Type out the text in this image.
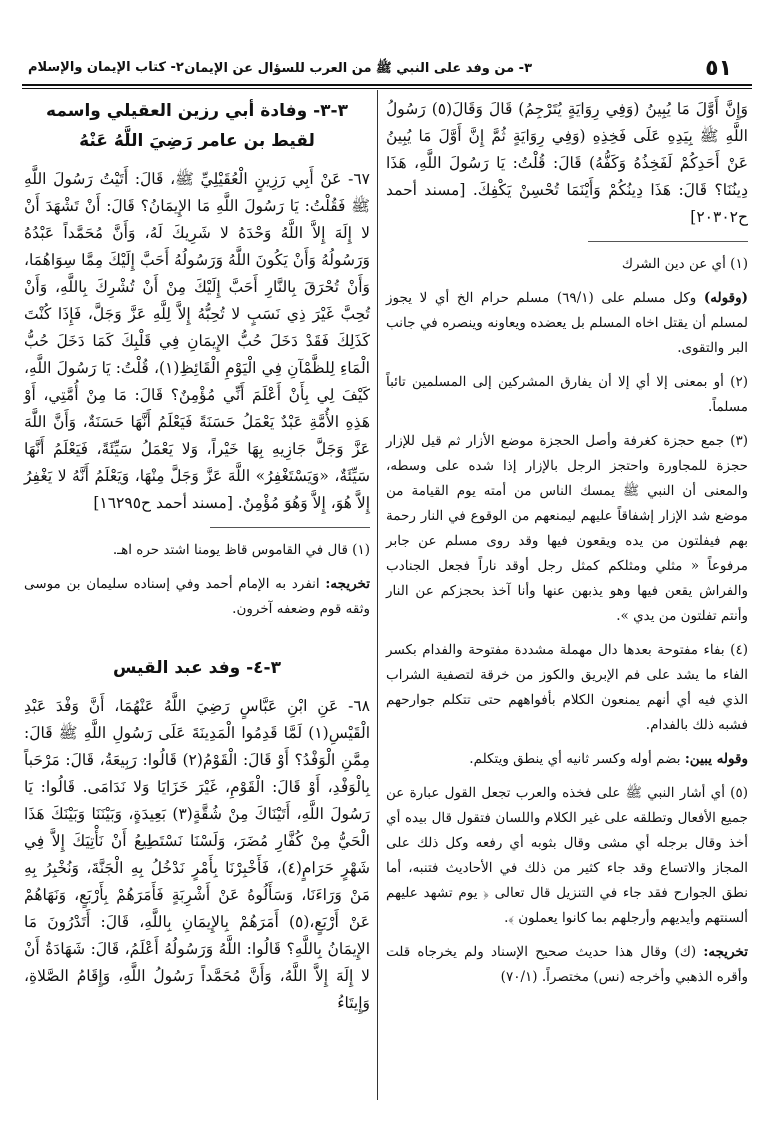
٥١
٣- من وفد على النبي ﷺ من العرب للسؤال عن الإيمان
٢- كتاب الإيمان والإسلام

وَإِنَّ أَوَّلَ مَا يُبِينُ (وَفِي رِوَايَةٍ يُتَرْجِمُ) قَالَ وَقَالَ(٥) رَسُولُ اللَّهِ ﷺ بِيَدِهِ عَلَى فَخِذِهِ (وَفِي رِوَايَةٍ ثُمَّ إِنَّ أَوَّلَ مَا يُبِينُ عَنْ أَحَدِكُمْ لَفَخِذُهُ وَكَفُّهُ) قَالَ: قُلْتُ: يَا رَسُولَ اللَّهِ، هَذَا دِينُنَا؟ قَالَ: هَذَا دِينُكُمْ وَأَيْنَمَا تُحْسِنْ يَكْفِكَ. [مسند أحمد ح٢٠٣٠٢]

(١) أي عن دين الشرك

(وقوله) وكل مسلم على (٦٩/١) مسلم حرام الخ أي لا يجوز لمسلم أن يقتل اخاه المسلم بل يعضده ويعاونه وينصره في جانب البر والتقوى.

(٢) أو بمعنى إلا أي إلا أن يفارق المشركين إلى المسلمين تائباً مسلماً.

(٣) جمع حجزة كغرفة وأصل الحجزة موضع الأزار ثم قيل للإزار حجزة للمجاورة واحتجز الرجل بالإزار إذا شده على وسطه، والمعنى أن النبي ﷺ يمسك الناس من أمته يوم القيامة من موضع شد الإزار إشفاقاً عليهم ليمنعهم من الوقوع في النار رحمة بهم فيفلتون من يده ويقعون فيها وقد روى مسلم عن جابر مرفوعاً « مثلي ومثلكم كمثل رجل أوقد ناراً فجعل الجنادب والفراش يقعن فيها وهو يذبهن عنها وأنا آخذ بحجزكم عن النار وأنتم تفلتون من يدي ».

(٤) بفاء مفتوحة بعدها دال مهملة مشددة مفتوحة والفدام بكسر الفاء ما يشد على فم الإبريق والكوز من خرقة لتصفية الشراب الذي فيه أي أنهم يمنعون الكلام بأفواههم حتى تتكلم جوارحهم فشبه ذلك بالفدام.

وقوله يبين: بضم أوله وكسر ثانيه أي ينطق ويتكلم.

(٥) أي أشار النبي ﷺ على فخذه والعرب تجعل القول عبارة عن جميع الأفعال وتطلقه على غير الكلام واللسان فتقول قال بيده أي أخذ وقال برجله أي مشى وقال بثوبه أي رفعه وكل ذلك على المجاز والاتساع وقد جاء كثير من ذلك في الأحاديث فتنبه، أما نطق الجوارح فقد جاء في التنزيل قال تعالى ﴿ يوم تشهد عليهم ألسنتهم وأيديهم وأرجلهم بما كانوا يعملون ﴾.

تخريجه: (ك) وقال هذا حديث صحيح الإسناد ولم يخرجاه قلت وأقره الذهبي وأخرجه (نس) مختصراً. (٧٠/١)

٣-٣- وفادة أبي رزين العقيلي واسمه
لقيط بن عامر رَضِيَ اللَّهُ عَنْهُ

٦٧- عَنْ أَبِي رَزِينٍ الْعُقَيْلِيِّ ﷺ، قَالَ: أَتَيْتُ رَسُولَ اللَّهِ ﷺ فَقُلْتُ: يَا رَسُولَ اللَّهِ مَا الإِيمَانُ؟ قَالَ: أَنْ تَشْهَدَ أَنْ لا إِلَهَ إِلاَّ اللَّهُ وَحْدَهُ لا شَرِيكَ لَهُ، وَأَنَّ مُحَمَّداً عَبْدُهُ وَرَسُولُهُ وَأَنْ يَكُونَ اللَّهُ وَرَسُولُهُ أَحَبَّ إِلَيْكَ مِمَّا سِوَاهُمَا، وَأَنْ تُحْرَقَ بِالنَّارِ أَحَبَّ إِلَيْكَ مِنْ أَنْ تُشْرِكَ بِاللَّهِ، وَأَنْ تُحِبَّ غَيْرَ ذِي نَسَبٍ لا تُحِبُّهُ إِلاَّ لِلَّهِ عَزَّ وَجَلَّ، فَإِذَا كُنْتَ كَذَلِكَ فَقَدْ دَخَلَ حُبُّ الإِيمَانِ فِي قَلْبِكَ كَمَا دَخَلَ حُبُّ الْمَاءِ لِلظَّمْآنِ فِي الْيَوْمِ الْقَائِظِ(١)، قُلْتُ: يَا رَسُولَ اللَّهِ، كَيْفَ لِي بِأَنْ أَعْلَمَ أَنِّي مُؤْمِنٌ؟ قَالَ: مَا مِنْ أُمَّتِي، أَوْ هَذِهِ الأُمَّةِ عَبْدٌ يَعْمَلُ حَسَنَةً فَيَعْلَمُ أَنَّهَا حَسَنَةٌ، وَأَنَّ اللَّهَ عَزَّ وَجَلَّ جَازِيهِ بِهَا خَيْراً، وَلا يَعْمَلُ سَيِّئَةً، فَيَعْلَمُ أَنَّهَا سَيِّئَةٌ، «وَيَسْتَغْفِرُ» اللَّهَ عَزَّ وَجَلَّ مِنْهَا، وَيَعْلَمُ أَنَّهُ لا يَغْفِرُ إِلاَّ هُوَ، إِلاَّ وَهُوَ مُؤْمِنٌ. [مسند أحمد ح١٦٢٩٥]

(١) قال في القاموس قاظ يومنا اشتد حره اهـ.

تخريجه: انفرد به الإمام أحمد وفي إسناده سليمان بن موسى وثقه قوم وضعفه آخرون.

٣-٤- وفد عبد القيس

٦٨- عَنِ ابْنِ عَبَّاسٍ رَضِيَ اللَّهُ عَنْهُمَا، أَنَّ وَفْدَ عَبْدِ الْقَيْسِ(١) لَمَّا قَدِمُوا الْمَدِينَةَ عَلَى رَسُولِ اللَّهِ ﷺ قَالَ: مِمَّنِ الْوَفْدُ؟ أَوْ قَالَ: الْقَوْمُ(٢) قَالُوا: رَبِيعَةُ، قَالَ: مَرْحَباً بِالْوَفْدِ، أَوْ قَالَ: الْقَوْمِ، غَيْرَ خَزَايَا وَلا نَدَامَى. قَالُوا: يَا رَسُولَ اللَّهِ، أَتَيْنَاكَ مِنْ شُقَّةٍ(٣) بَعِيدَةٍ، وَبَيْنَنَا وَبَيْنَكَ هَذَا الْحَيُّ مِنْ كُفَّارِ مُضَرَ، وَلَسْنَا نَسْتَطِيعُ أَنْ نَأْتِيَكَ إِلاَّ فِي شَهْرٍ حَرَامٍ(٤)، فَأَخْبِرْنَا بِأَمْرٍ نَدْخُلُ بِهِ الْجَنَّةَ، وَنُخْبِرُ بِهِ مَنْ وَرَاءَنَا، وَسَأَلُوهُ عَنْ أَشْرِبَةٍ فَأَمَرَهُمْ بِأَرْبَعٍ، وَنَهَاهُمْ عَنْ أَرْبَعٍ،(٥) أَمَرَهُمْ بِالإِيمَانِ بِاللَّهِ، قَالَ: أَتَدْرُونَ مَا الإِيمَانُ بِاللَّهِ؟ قَالُوا: اللَّهُ وَرَسُولُهُ أَعْلَمُ، قَالَ: شَهَادَةُ أَنْ لا إِلَهَ إِلاَّ اللَّهُ، وَأَنَّ مُحَمَّداً رَسُولُ اللَّهِ، وَإِقَامُ الصَّلاةِ، وَإِيتَاءُ
